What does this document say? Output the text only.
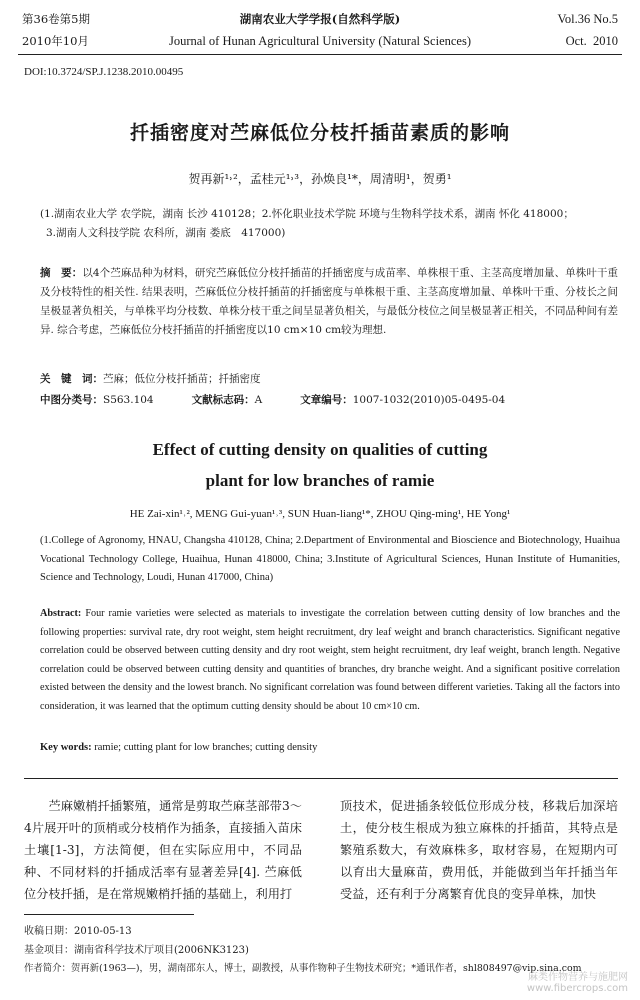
第36卷第5期
2010年10月
湖南农业大学学报(自然科学版)
Journal of Hunan Agricultural University (Natural Sciences)
Vol.36 No.5
Oct.  2010
DOI:10.3724/SP.J.1238.2010.00495
扦插密度对苎麻低位分枝扦插苗素质的影响
贺再新¹˒²，孟桂元¹˒³，孙焕良¹*，周清明¹，贺勇¹
(1.湖南农业大学 农学院，湖南 长沙 410128；2.怀化职业技术学院 环境与生物科学技术系，湖南 怀化 418000；
3.湖南人文科技学院 农科所，湖南 娄底　417000)
摘　要：以4个苎麻品种为材料，研究苎麻低位分枝扦插苗的扦插密度与成苗率、单株根干重、主茎高度增加量、单株叶干重及分枝特性的相关性. 结果表明，苎麻低位分枝扦插苗的扦插密度与单株根干重、主茎高度增加量、单株叶干重、分枝长之间呈极显著负相关，与单株平均分枝数、单株分枝干重之间呈显著负相关，与最低分枝位之间呈极显著正相关，不同品种间有差异. 综合考虑，苎麻低位分枝扦插苗的扦插密度以10 cm×10 cm较为理想.
关　键　词：苎麻；低位分枝扦插苗；扦插密度
中图分类号：S563.104	文献标志码：A	文章编号：1007-1032(2010)05-0495-04
Effect of cutting density on qualities of cutting
plant for low branches of ramie
HE Zai-xin¹˒², MENG Gui-yuan¹˒³, SUN Huan-liang¹*, ZHOU Qing-ming¹, HE Yong¹
(1.College of Agronomy, HNAU, Changsha 410128, China; 2.Department of Environmental and Bioscience and Biotechnology, Huaihua Vocational Technology College, Huaihua, Hunan 418000, China; 3.Institute of Agricultural Sciences, Hunan Institute of Humanities, Science and Technology, Loudi, Hunan 417000, China)
Abstract: Four ramie varieties were selected as materials to investigate the correlation between cutting density of low branches and the following properties: survival rate, dry root weight, stem height recruitment, dry leaf weight and branch characteristics. Significant negative correlation could be observed between cutting density and dry root weight, stem height recruitment, dry leaf weight, branch length. Negative correlation could be observed between cutting density and quantities of branches, dry branche weight. And a significant positive correlation existed between the density and the lowest branch. No significant correlation was found between different varieties. Taking all the factors into consideration, it was learned that the optimum cutting density should be about 10 cm×10 cm.
Key words: ramie; cutting plant for low branches; cutting density
苎麻嫩梢扦插繁殖，通常是剪取苎麻茎部带3～4片展开叶的顶梢或分枝梢作为插条，直接插入苗床土壤[1-3]，方法简便，但在实际应用中，不同品种、不同材料的扦插成活率有显著差异[4]. 苎麻低位分枝扦插，是在常规嫩梢扦插的基础上，利用打
顶技术，促进插条较低位形成分枝，移栽后加深培土，使分枝生根成为独立麻株的扦插苗，其特点是繁殖系数大，有效麻株多，取材容易，在短期内可以育出大量麻苗，费用低，并能做到当年扦插当年受益，还有利于分离繁育优良的变异单株，加快
收稿日期：2010-05-13
基金项目：湖南省科学技术厅项目(2006NK3123)
作者简介：贺再新(1963—)，男，湖南邵东人，博士，副教授，从事作物种子生物技术研究；*通讯作者，shl808497@vip.sina.com
麻类作物营养与施肥网
www.fibercrops.com
